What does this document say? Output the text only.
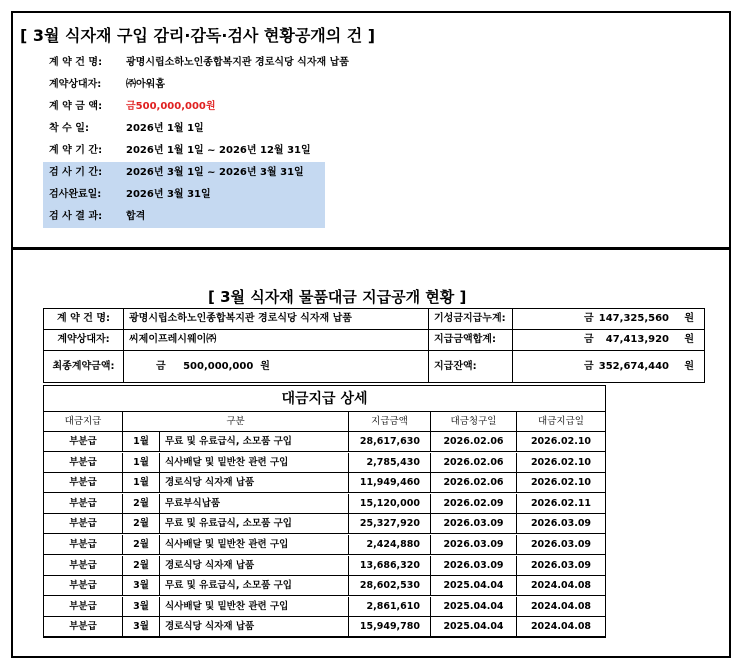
[ 3월 식자재 구입 감리·감독·검사 현황공개의 건 ]
계 약 건 명: 광명시립소하노인종합복지관 경로식당 식자재 납품
계약상대자: ㈜아워홈
계 약 금 액: 금500,000,000원
착 수 일:	2026년 1월 1일
계 약 기 간: 2026년 1월 1일 ~ 2026년 12월 31일
검 사 기 간: 2026년 3월 1일 ~ 2026년 3월 31일
검사완료일: 2026년 3월 31일
검 사 결 과: 합격
[ 3월 식자재 물품대금 지급공개 현황 ]
계 약 건 명:	광명시립소하노인종합복지관 경로식당 식자재 납품	기성금지급누계:	금 147,325,560 원
계약상대자:	씨제이프레시웨이㈜	지급금액합계:	금 47,413,920 원
최종계약금액:	금     500,000,000  원	지급잔액:	금 352,674,440 원
대금지급 상세
대금지급	구분	지급금액	대금청구일	대금지급일
부분급	1월	무료 및 유료급식, 소모품 구입	28,617,630	2026.02.06	2026.02.10
부분급	1월	식사배달 및 밑반찬 관련 구입	2,785,430	2026.02.06	2026.02.10
부분급	1월	경로식당 식자재 납품	11,949,460	2026.02.06	2026.02.10
부분급	2월	무료부식납품	15,120,000	2026.02.09	2026.02.11
부분급	2월	무료 및 유료급식, 소모품 구입	25,327,920	2026.03.09	2026.03.09
부분급	2월	식사배달 및 밑반찬 관련 구입	2,424,880	2026.03.09	2026.03.09
부분급	2월	경로식당 식자재 납품	13,686,320	2026.03.09	2026.03.09
부분급	3월	무료 및 유료급식, 소모품 구입	28,602,530	2025.04.04	2024.04.08
부분급	3월	식사배달 및 밑반찬 관련 구입	2,861,610	2025.04.04	2024.04.08
부분급	3월	경로식당 식자재 납품	15,949,780	2025.04.04	2024.04.08
